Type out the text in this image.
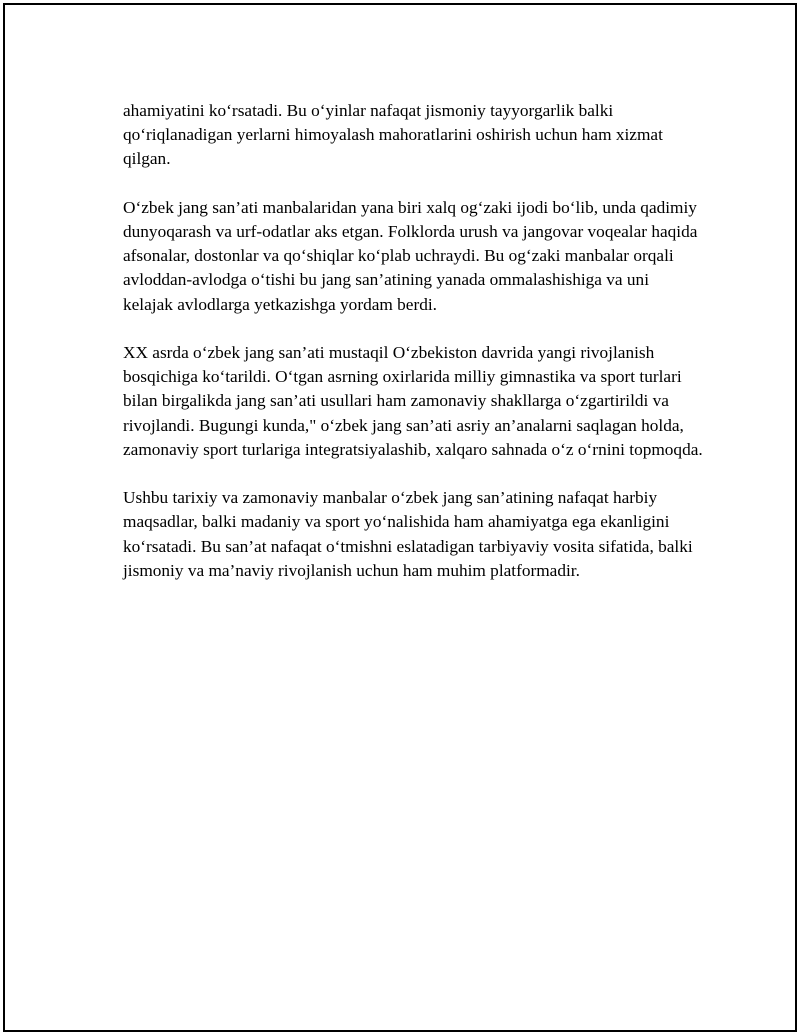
ahamiyatini ko‘rsatadi. Bu o‘yinlar nafaqat jismoniy tayyorgarlik balki qo‘riqlanadigan yerlarni himoyalash mahoratlarini oshirish uchun ham xizmat qilgan.

O‘zbek jang san’ati manbalaridan yana biri xalq og‘zaki ijodi bo‘lib, unda qadimiy dunyoqarash va urf-odatlar aks etgan. Folklorda urush va jangovar voqealar haqida afsonalar, dostonlar va qo‘shiqlar ko‘plab uchraydi. Bu og‘zaki manbalar orqali avloddan-avlodga o‘tishi bu jang san’atining yanada ommalashishiga va uni kelajak avlodlarga yetkazishga yordam berdi.

XX asrda o‘zbek jang san’ati mustaqil O‘zbekiston davrida yangi rivojlanish bosqichiga ko‘tarildi. O‘tgan asrning oxirlarida milliy gimnastika va sport turlari bilan birgalikda jang san’ati usullari ham zamonaviy shakllarga o‘zgartirildi va rivojlandi. Bugungi kunda," o‘zbek jang san’ati asriy an’analarni saqlagan holda, zamonaviy sport turlariga integratsiyalashib, xalqaro sahnada o‘z o‘rnini topmoqda.

Ushbu tarixiy va zamonaviy manbalar o‘zbek jang san’atining nafaqat harbiy maqsadlar, balki madaniy va sport yo‘nalishida ham ahamiyatga ega ekanligini ko‘rsatadi. Bu san’at nafaqat o‘tmishni eslatadigan tarbiyaviy vosita sifatida, balki jismoniy va ma’naviy rivojlanish uchun ham muhim platformadir.
